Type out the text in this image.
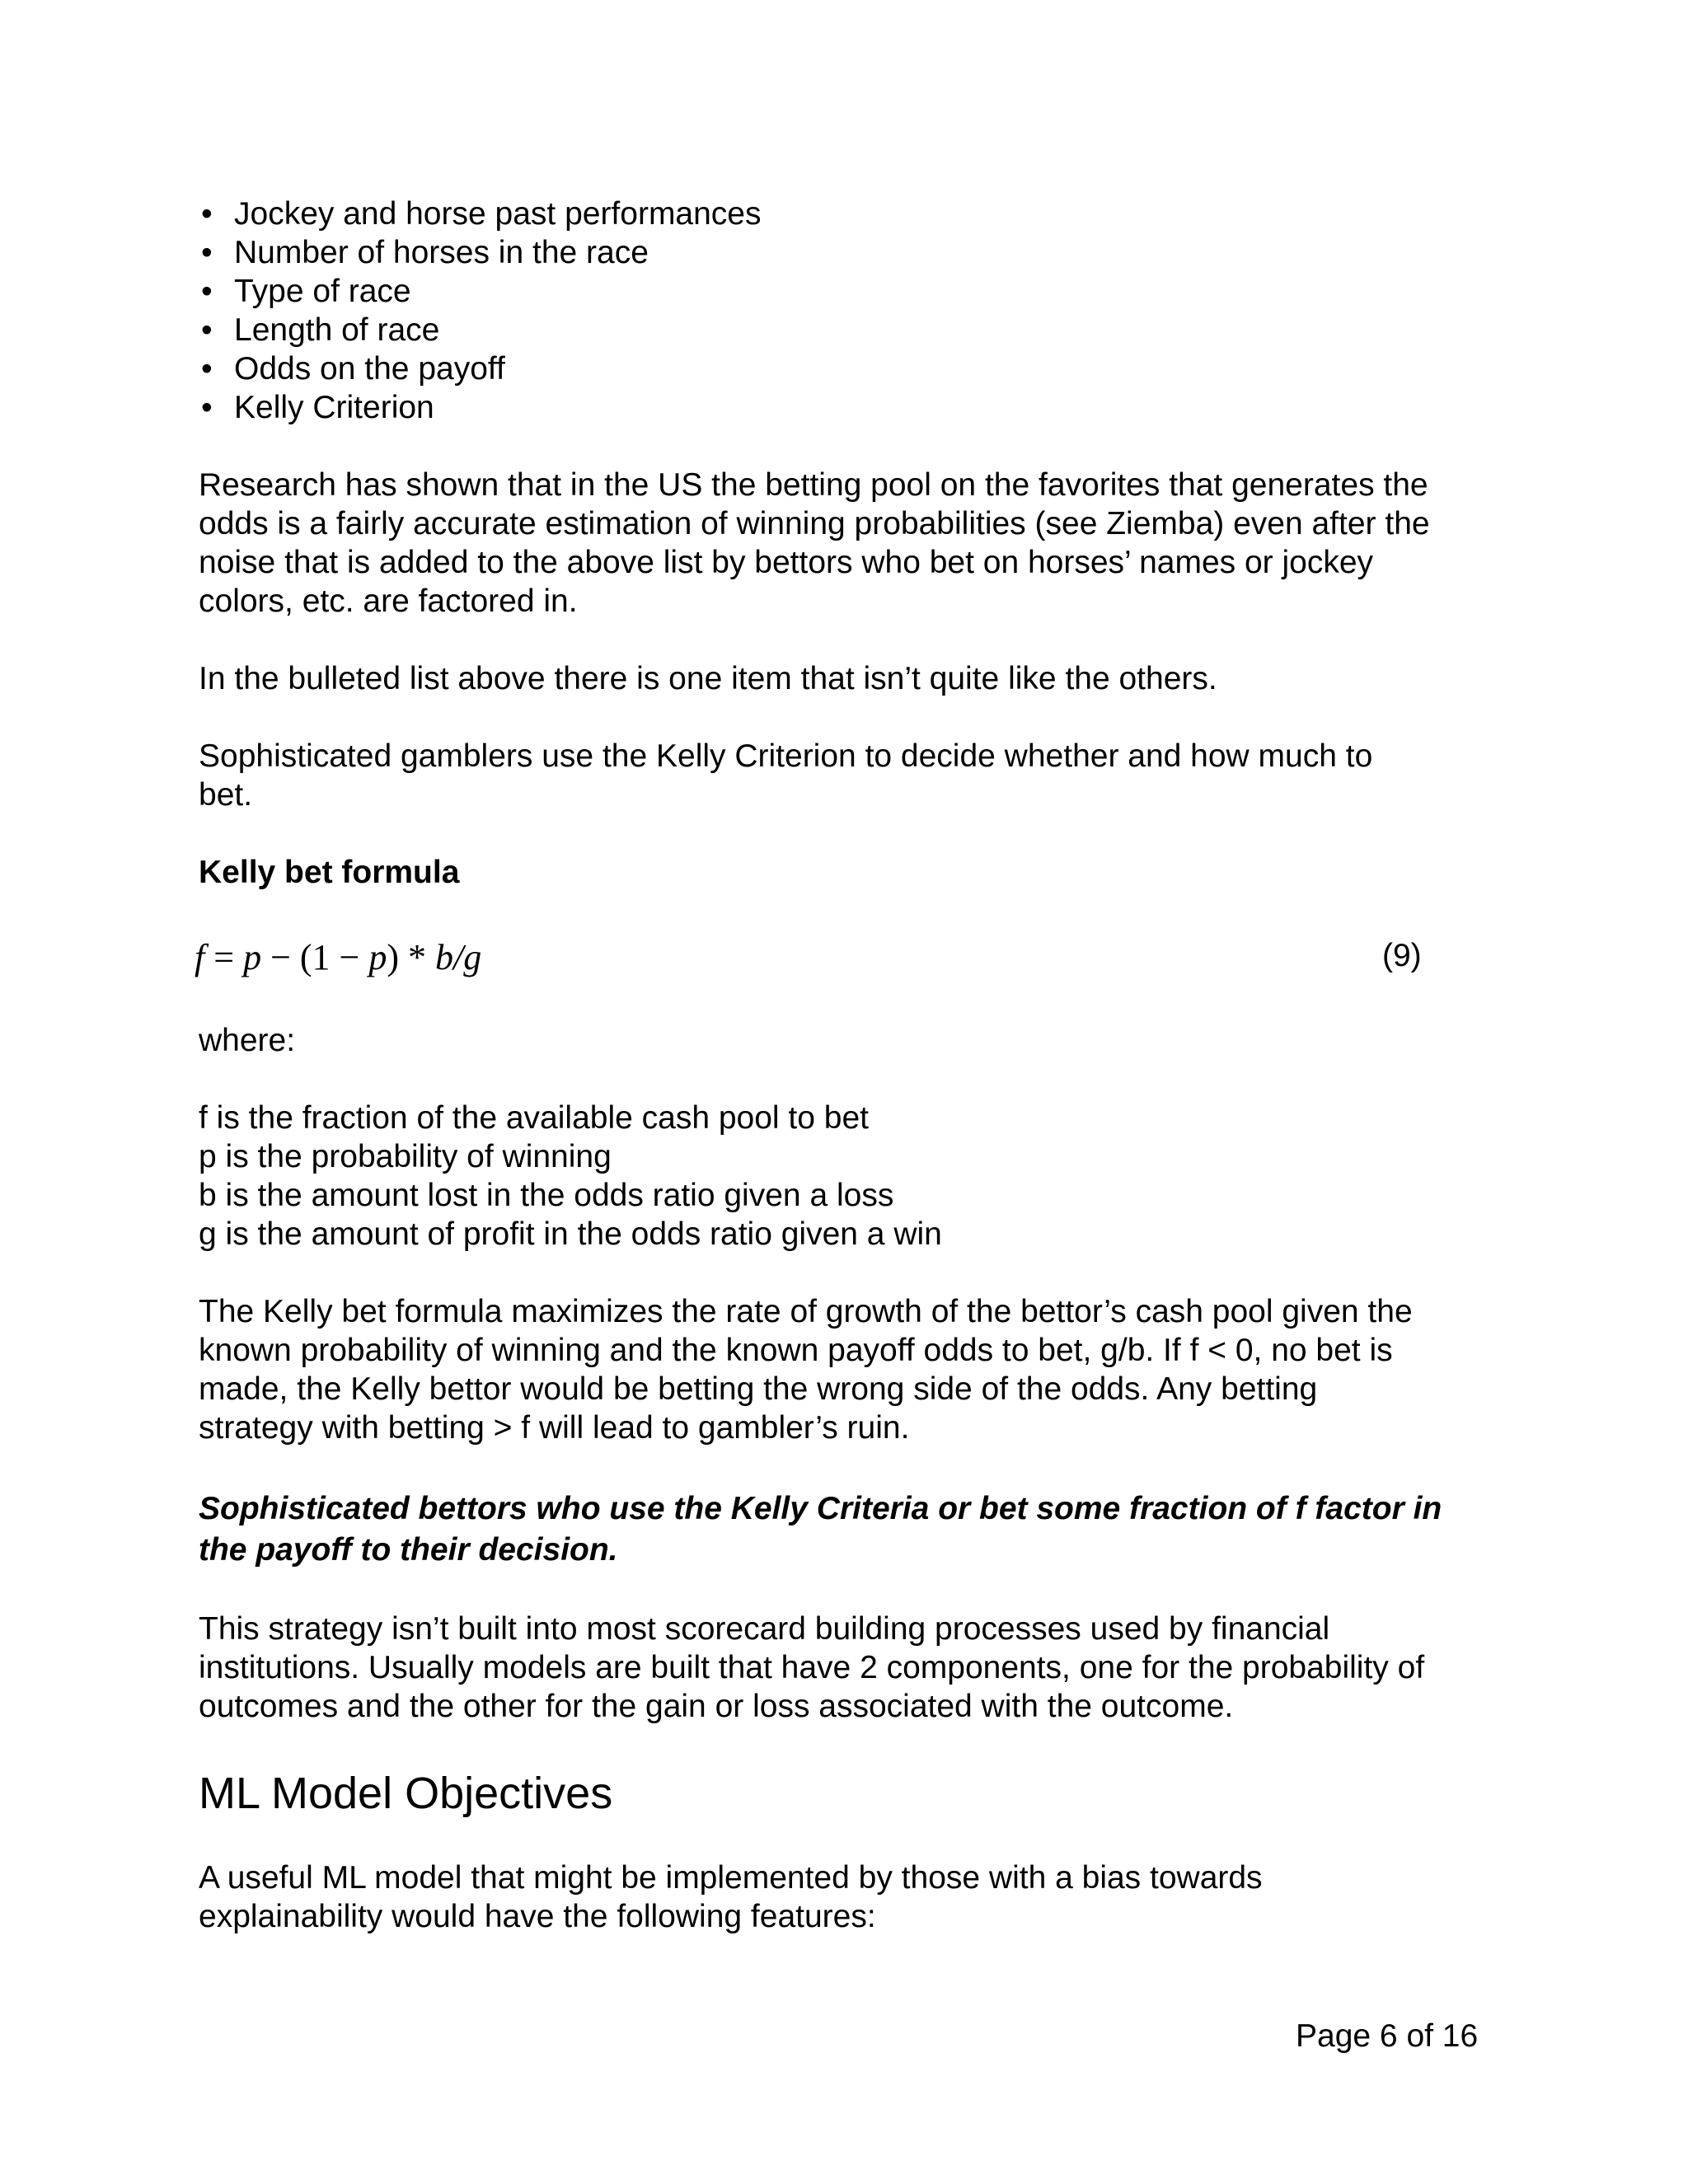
• Jockey and horse past performances
• Number of horses in the race
• Type of race
• Length of race
• Odds on the payoff
• Kelly Criterion

Research has shown that in the US the betting pool on the favorites that generates the
odds is a fairly accurate estimation of winning probabilities (see Ziemba) even after the
noise that is added to the above list by bettors who bet on horses’ names or jockey
colors, etc. are factored in.

In the bulleted list above there is one item that isn’t quite like the others.

Sophisticated gamblers use the Kelly Criterion to decide whether and how much to
bet.

Kelly bet formula

f = p − (1 − p) * b/g	(9)

where:

f is the fraction of the available cash pool to bet
p is the probability of winning
b is the amount lost in the odds ratio given a loss
g is the amount of profit in the odds ratio given a win

The Kelly bet formula maximizes the rate of growth of the bettor’s cash pool given the
known probability of winning and the known payoff odds to bet, g/b. If f < 0, no bet is
made, the Kelly bettor would be betting the wrong side of the odds. Any betting
strategy with betting > f will lead to gambler’s ruin.

Sophisticated bettors who use the Kelly Criteria or bet some fraction of f factor in
the payoff to their decision.

This strategy isn’t built into most scorecard building processes used by financial
institutions. Usually models are built that have 2 components, one for the probability of
outcomes and the other for the gain or loss associated with the outcome.

ML Model Objectives

A useful ML model that might be implemented by those with a bias towards
explainability would have the following features:

Page 6 of 16
